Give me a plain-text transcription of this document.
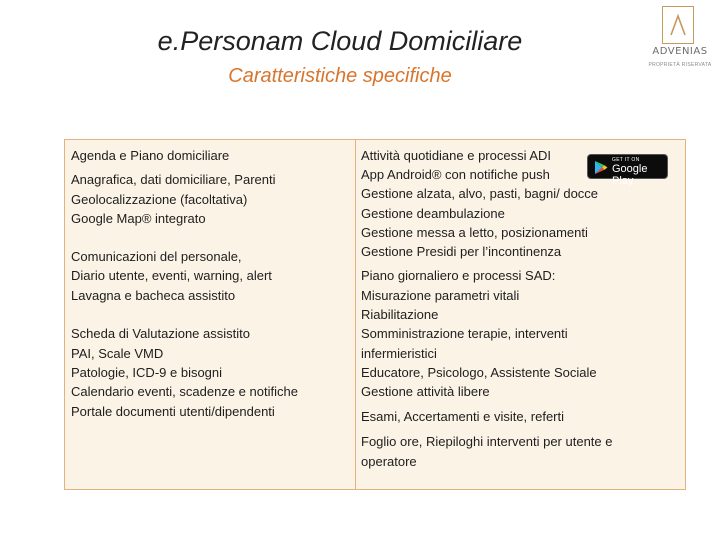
e.Personam Cloud Domiciliare
Caratteristiche specifiche
ADVENIAS
PROPRIETÀ RISERVATA
Agenda e Piano domiciliare
Anagrafica, dati domiciliare, Parenti
Geolocalizzazione (facoltativa)
Google Map® integrato
Comunicazioni del personale,
Diario utente, eventi, warning, alert
Lavagna e bacheca assistito
Scheda di Valutazione assistito
PAI, Scale VMD
Patologie, ICD-9 e bisogni
Calendario eventi, scadenze e notifiche
Portale documenti utenti/dipendenti
Attività quotidiane e processi ADI
App Android® con notifiche push
Gestione alzata, alvo, pasti, bagni/ docce
Gestione deambulazione
Gestione messa a letto, posizionamenti
Gestione Presidi per l’incontinenza
Piano giornaliero e processi SAD:
Misurazione parametri vitali
Riabilitazione
Somministrazione terapie, interventi
infermieristici
Educatore, Psicologo, Assistente Sociale
Gestione attività libere
Esami, Accertamenti e visite, referti
Foglio ore, Riepiloghi interventi per utente e
operatore
GET IT ON
Google Play
